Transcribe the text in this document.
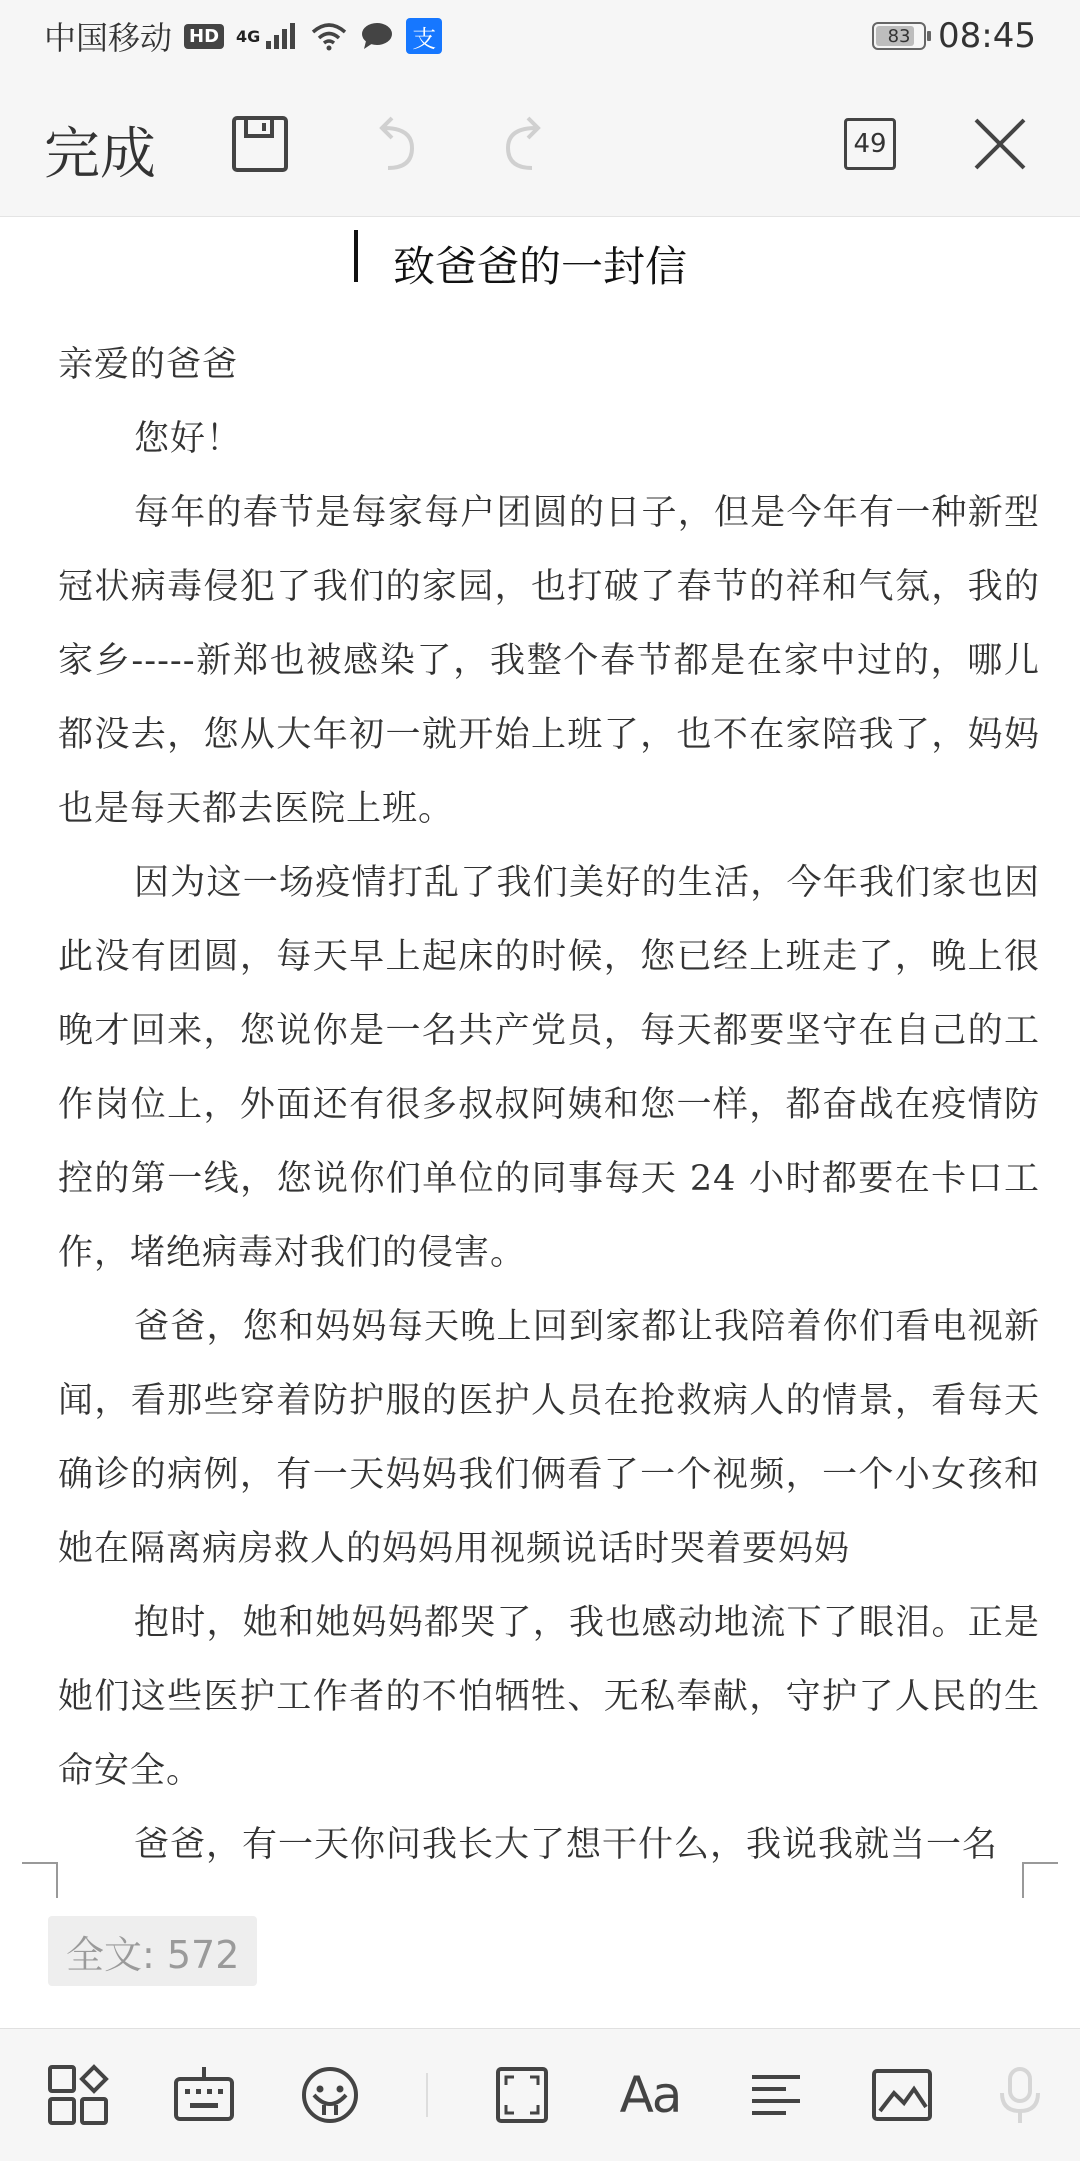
中国移动 HD	4G	支	83 08:45
完成	49
致爸爸的一封信

亲爱的爸爸

您好！

每年的春节是每家每户团圆的日子，但是今年有一种新型冠状病毒侵犯了我们的家园，也打破了春节的祥和气氛，我的家乡-----新郑也被感染了，我整个春节都是在家中过的，哪儿都没去，您从大年初一就开始上班了，也不在家陪我了，妈妈也是每天都去医院上班。

因为这一场疫情打乱了我们美好的生活，今年我们家也因此没有团圆，每天早上起床的时候，您已经上班走了，晚上很晚才回来，您说你是一名共产党员，每天都要坚守在自己的工作岗位上，外面还有很多叔叔阿姨和您一样，都奋战在疫情防控的第一线，您说你们单位的同事每天 24 小时都要在卡口工作，堵绝病毒对我们的侵害。

爸爸，您和妈妈每天晚上回到家都让我陪着你们看电视新闻，看那些穿着防护服的医护人员在抢救病人的情景，看每天确诊的病例，有一天妈妈我们俩看了一个视频，一个小女孩和她在隔离病房救人的妈妈用视频说话时哭着要妈妈

抱时，她和她妈妈都哭了，我也感动地流下了眼泪。正是她们这些医护工作者的不怕牺牲、无私奉献，守护了人民的生命安全。

爸爸，有一天你问我长大了想干什么，我说我就当一名

全文: 572
Aa
